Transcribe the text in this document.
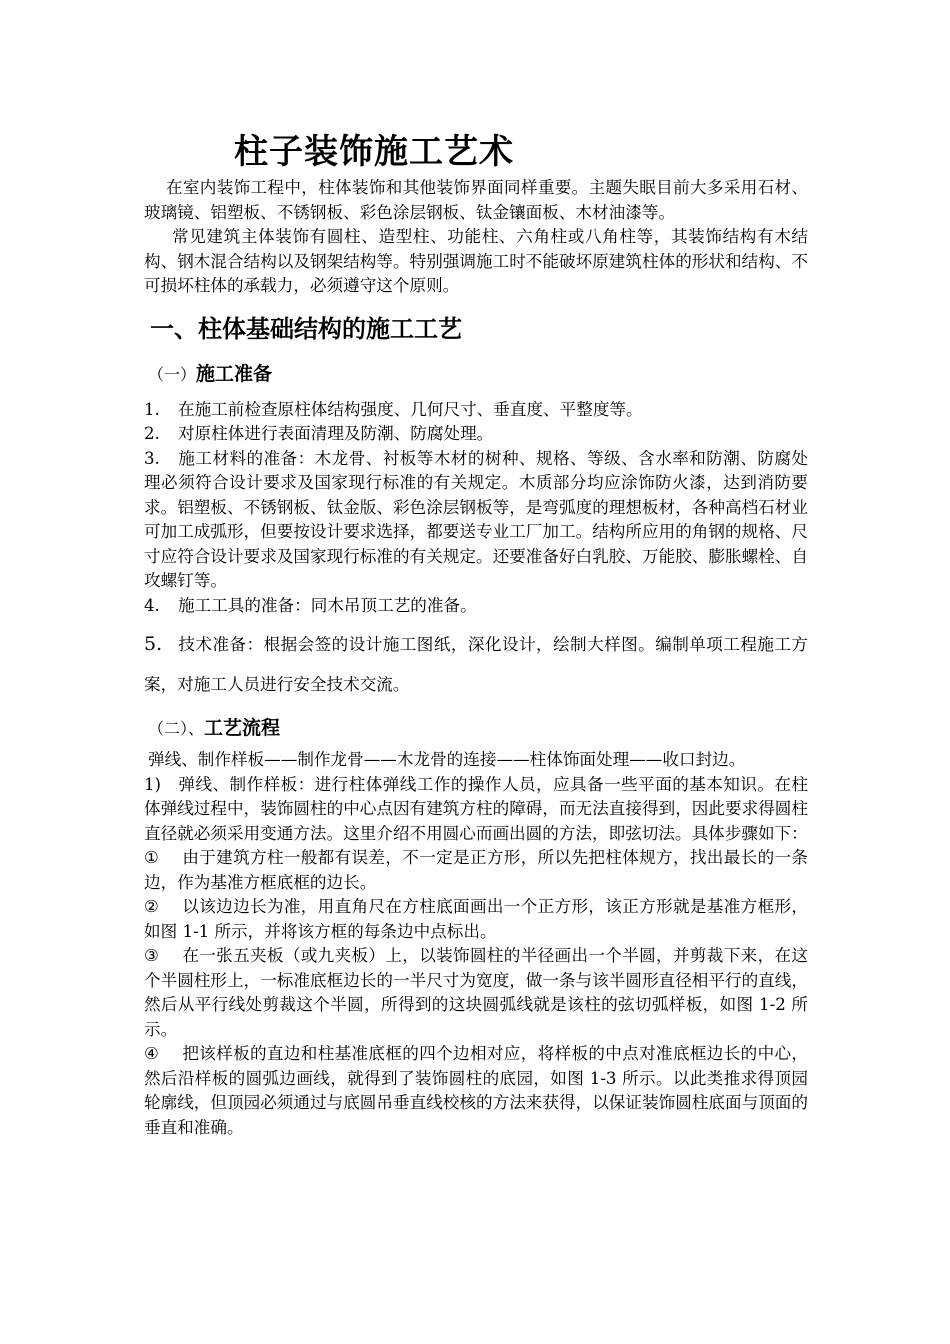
柱子装饰施工艺术

在室内装饰工程中，柱体装饰和其他装饰界面同样重要。主题失眠目前大多采用石材、玻璃镜、铝塑板、不锈钢板、彩色涂层钢板、钛金镶面板、木材油漆等。

常见建筑主体装饰有圆柱、造型柱、功能柱、六角柱或八角柱等，其装饰结构有木结构、钢木混合结构以及钢架结构等。特别强调施工时不能破坏原建筑柱体的形状和结构、不可损坏柱体的承载力，必须遵守这个原则。

一、柱体基础结构的施工工艺
（一）施工准备

1. 在施工前检查原柱体结构强度、几何尺寸、垂直度、平整度等。

2. 对原柱体进行表面清理及防潮、防腐处理。

3. 施工材料的准备：木龙骨、衬板等木材的树种、规格、等级、含水率和防潮、防腐处理必须符合设计要求及国家现行标准的有关规定。木质部分均应涂饰防火漆，达到消防要求。铝塑板、不锈钢板、钛金版、彩色涂层钢板等，是弯弧度的理想板材，各种高档石材业可加工成弧形，但要按设计要求选择，都要送专业工厂加工。结构所应用的角钢的规格、尺寸应符合设计要求及国家现行标准的有关规定。还要准备好白乳胶、万能胶、膨胀螺栓、自攻螺钉等。

4. 施工工具的准备：同木吊顶工艺的准备。

5. 技术准备：根据会签的设计施工图纸，深化设计，绘制大样图。编制单项工程施工方案，对施工人员进行安全技术交流。

（二）、工艺流程

弹线、制作样板——制作龙骨——木龙骨的连接——柱体饰面处理——收口封边。

1) 弹线、制作样板：进行柱体弹线工作的操作人员，应具备一些平面的基本知识。在柱体弹线过程中，装饰圆柱的中心点因有建筑方柱的障碍，而无法直接得到，因此要求得圆柱直径就必须采用变通方法。这里介绍不用圆心而画出圆的方法，即弦切法。具体步骤如下：

① 由于建筑方柱一般都有误差，不一定是正方形，所以先把柱体规方，找出最长的一条边，作为基准方框底框的边长。

② 以该边边长为准，用直角尺在方柱底面画出一个正方形，该正方形就是基准方框形，如图 1-1 所示，并将该方框的每条边中点标出。

③ 在一张五夹板（或九夹板）上，以装饰圆柱的半径画出一个半圆，并剪裁下来，在这个半圆柱形上，一标准底框边长的一半尺寸为宽度，做一条与该半圆形直径相平行的直线，然后从平行线处剪裁这个半圆，所得到的这块圆弧线就是该柱的弦切弧样板，如图 1-2 所示。

④ 把该样板的直边和柱基准底框的四个边相对应，将样板的中点对准底框边长的中心，然后沿样板的圆弧边画线，就得到了装饰圆柱的底园，如图 1-3 所示。以此类推求得顶园轮廓线，但顶园必须通过与底圆吊垂直线校核的方法来获得，以保证装饰圆柱底面与顶面的垂直和准确。
